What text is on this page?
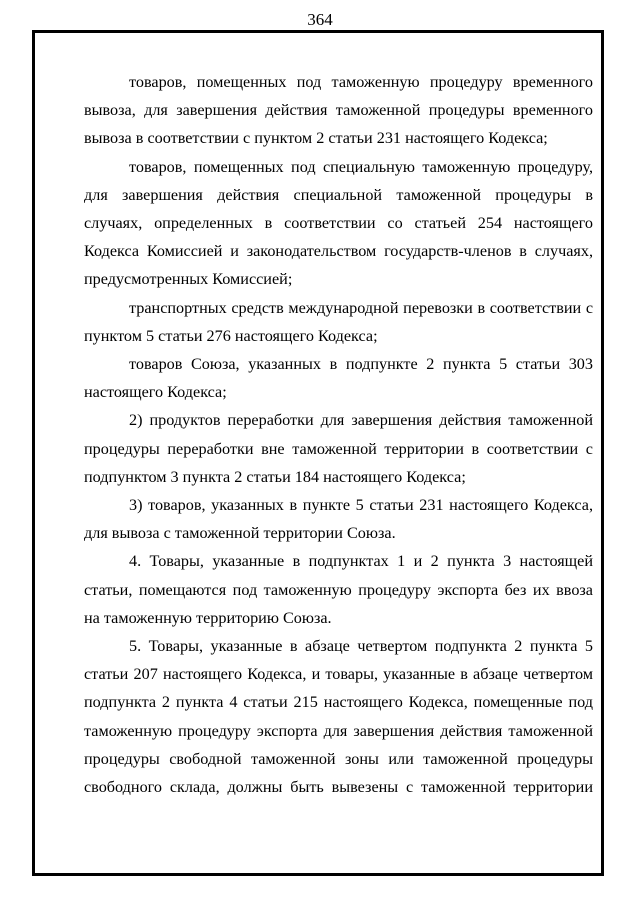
364

товаров, помещенных под таможенную процедуру временного вывоза, для завершения действия таможенной процедуры временного вывоза в соответствии с пунктом 2 статьи 231 настоящего Кодекса;

товаров, помещенных под специальную таможенную процедуру, для завершения действия специальной таможенной процедуры в случаях, определенных в соответствии со статьей 254 настоящего Кодекса Комиссией и законодательством государств-членов в случаях, предусмотренных Комиссией;

транспортных средств международной перевозки в соответствии с пунктом 5 статьи 276 настоящего Кодекса;

товаров Союза, указанных в подпункте 2 пункта 5 статьи 303 настоящего Кодекса;

2) продуктов переработки для завершения действия таможенной процедуры переработки вне таможенной территории в соответствии с подпунктом 3 пункта 2 статьи 184 настоящего Кодекса;

3) товаров, указанных в пункте 5 статьи 231 настоящего Кодекса, для вывоза с таможенной территории Союза.

4. Товары, указанные в подпунктах 1 и 2 пункта 3 настоящей статьи, помещаются под таможенную процедуру экспорта без их ввоза на таможенную территорию Союза.

5. Товары, указанные в абзаце четвертом подпункта 2 пункта 5 статьи 207 настоящего Кодекса, и товары, указанные в абзаце четвертом подпункта 2 пункта 4 статьи 215 настоящего Кодекса, помещенные под таможенную процедуру экспорта для завершения действия таможенной процедуры свободной таможенной зоны или таможенной процедуры свободного склада, должны быть вывезены с таможенной территории
